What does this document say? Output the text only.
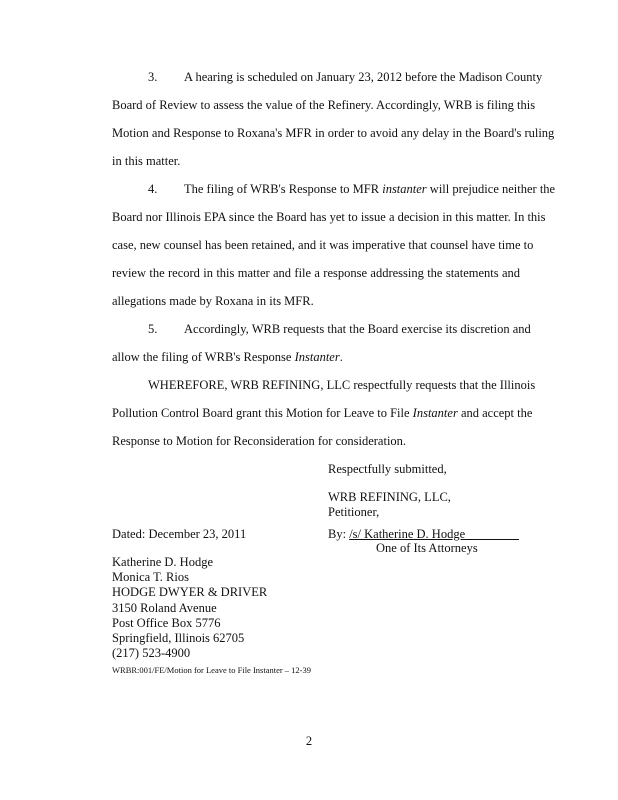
3. A hearing is scheduled on January 23, 2012 before the Madison County
Board of Review to assess the value of the Refinery. Accordingly, WRB is filing this
Motion and Response to Roxana's MFR in order to avoid any delay in the Board's ruling
in this matter.
4. The filing of WRB's Response to MFR instanter will prejudice neither the
Board nor Illinois EPA since the Board has yet to issue a decision in this matter. In this
case, new counsel has been retained, and it was imperative that counsel have time to
review the record in this matter and file a response addressing the statements and
allegations made by Roxana in its MFR.
5. Accordingly, WRB requests that the Board exercise its discretion and
allow the filing of WRB's Response Instanter.
WHEREFORE, WRB REFINING, LLC respectfully requests that the Illinois
Pollution Control Board grant this Motion for Leave to File Instanter and accept the
Response to Motion for Reconsideration for consideration.
Respectfully submitted,
WRB REFINING, LLC,
Petitioner,
Dated: December 23, 2011	By: /s/ Katherine D. Hodge
One of Its Attorneys
Katherine D. Hodge
Monica T. Rios
HODGE DWYER & DRIVER
3150 Roland Avenue
Post Office Box 5776
Springfield, Illinois 62705
(217) 523-4900
WRBR:001/FE/Motion for Leave to File Instanter – 12-39
2
